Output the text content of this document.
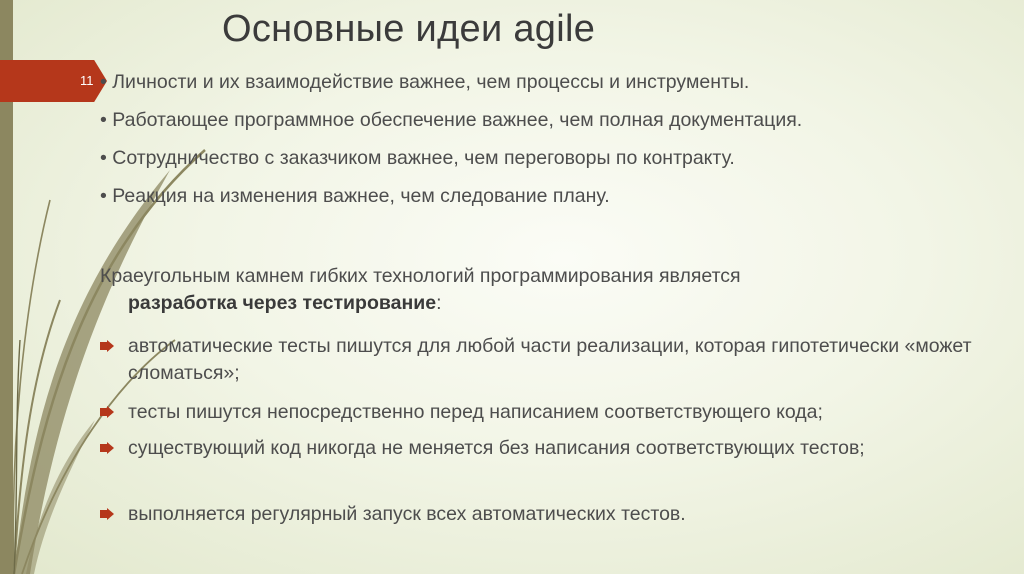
Основные идеи agile
11 • Личности и их взаимодействие важнее, чем процессы и инструменты.
• Работающее программное обеспечение важнее, чем полная документация.
• Сотрудничество с заказчиком важнее, чем переговоры по контракту.
• Реакция на изменения важнее, чем следование плану.
Краеугольным камнем гибких технологий программирования является
разработка через тестирование:
автоматические тесты пишутся для любой части реализации, которая гипотетически «может сломаться»;
тесты пишутся непосредственно перед написанием соответствующего кода;
существующий код никогда не меняется без написания соответствующих тестов;
выполняется регулярный запуск всех автоматических тестов.
